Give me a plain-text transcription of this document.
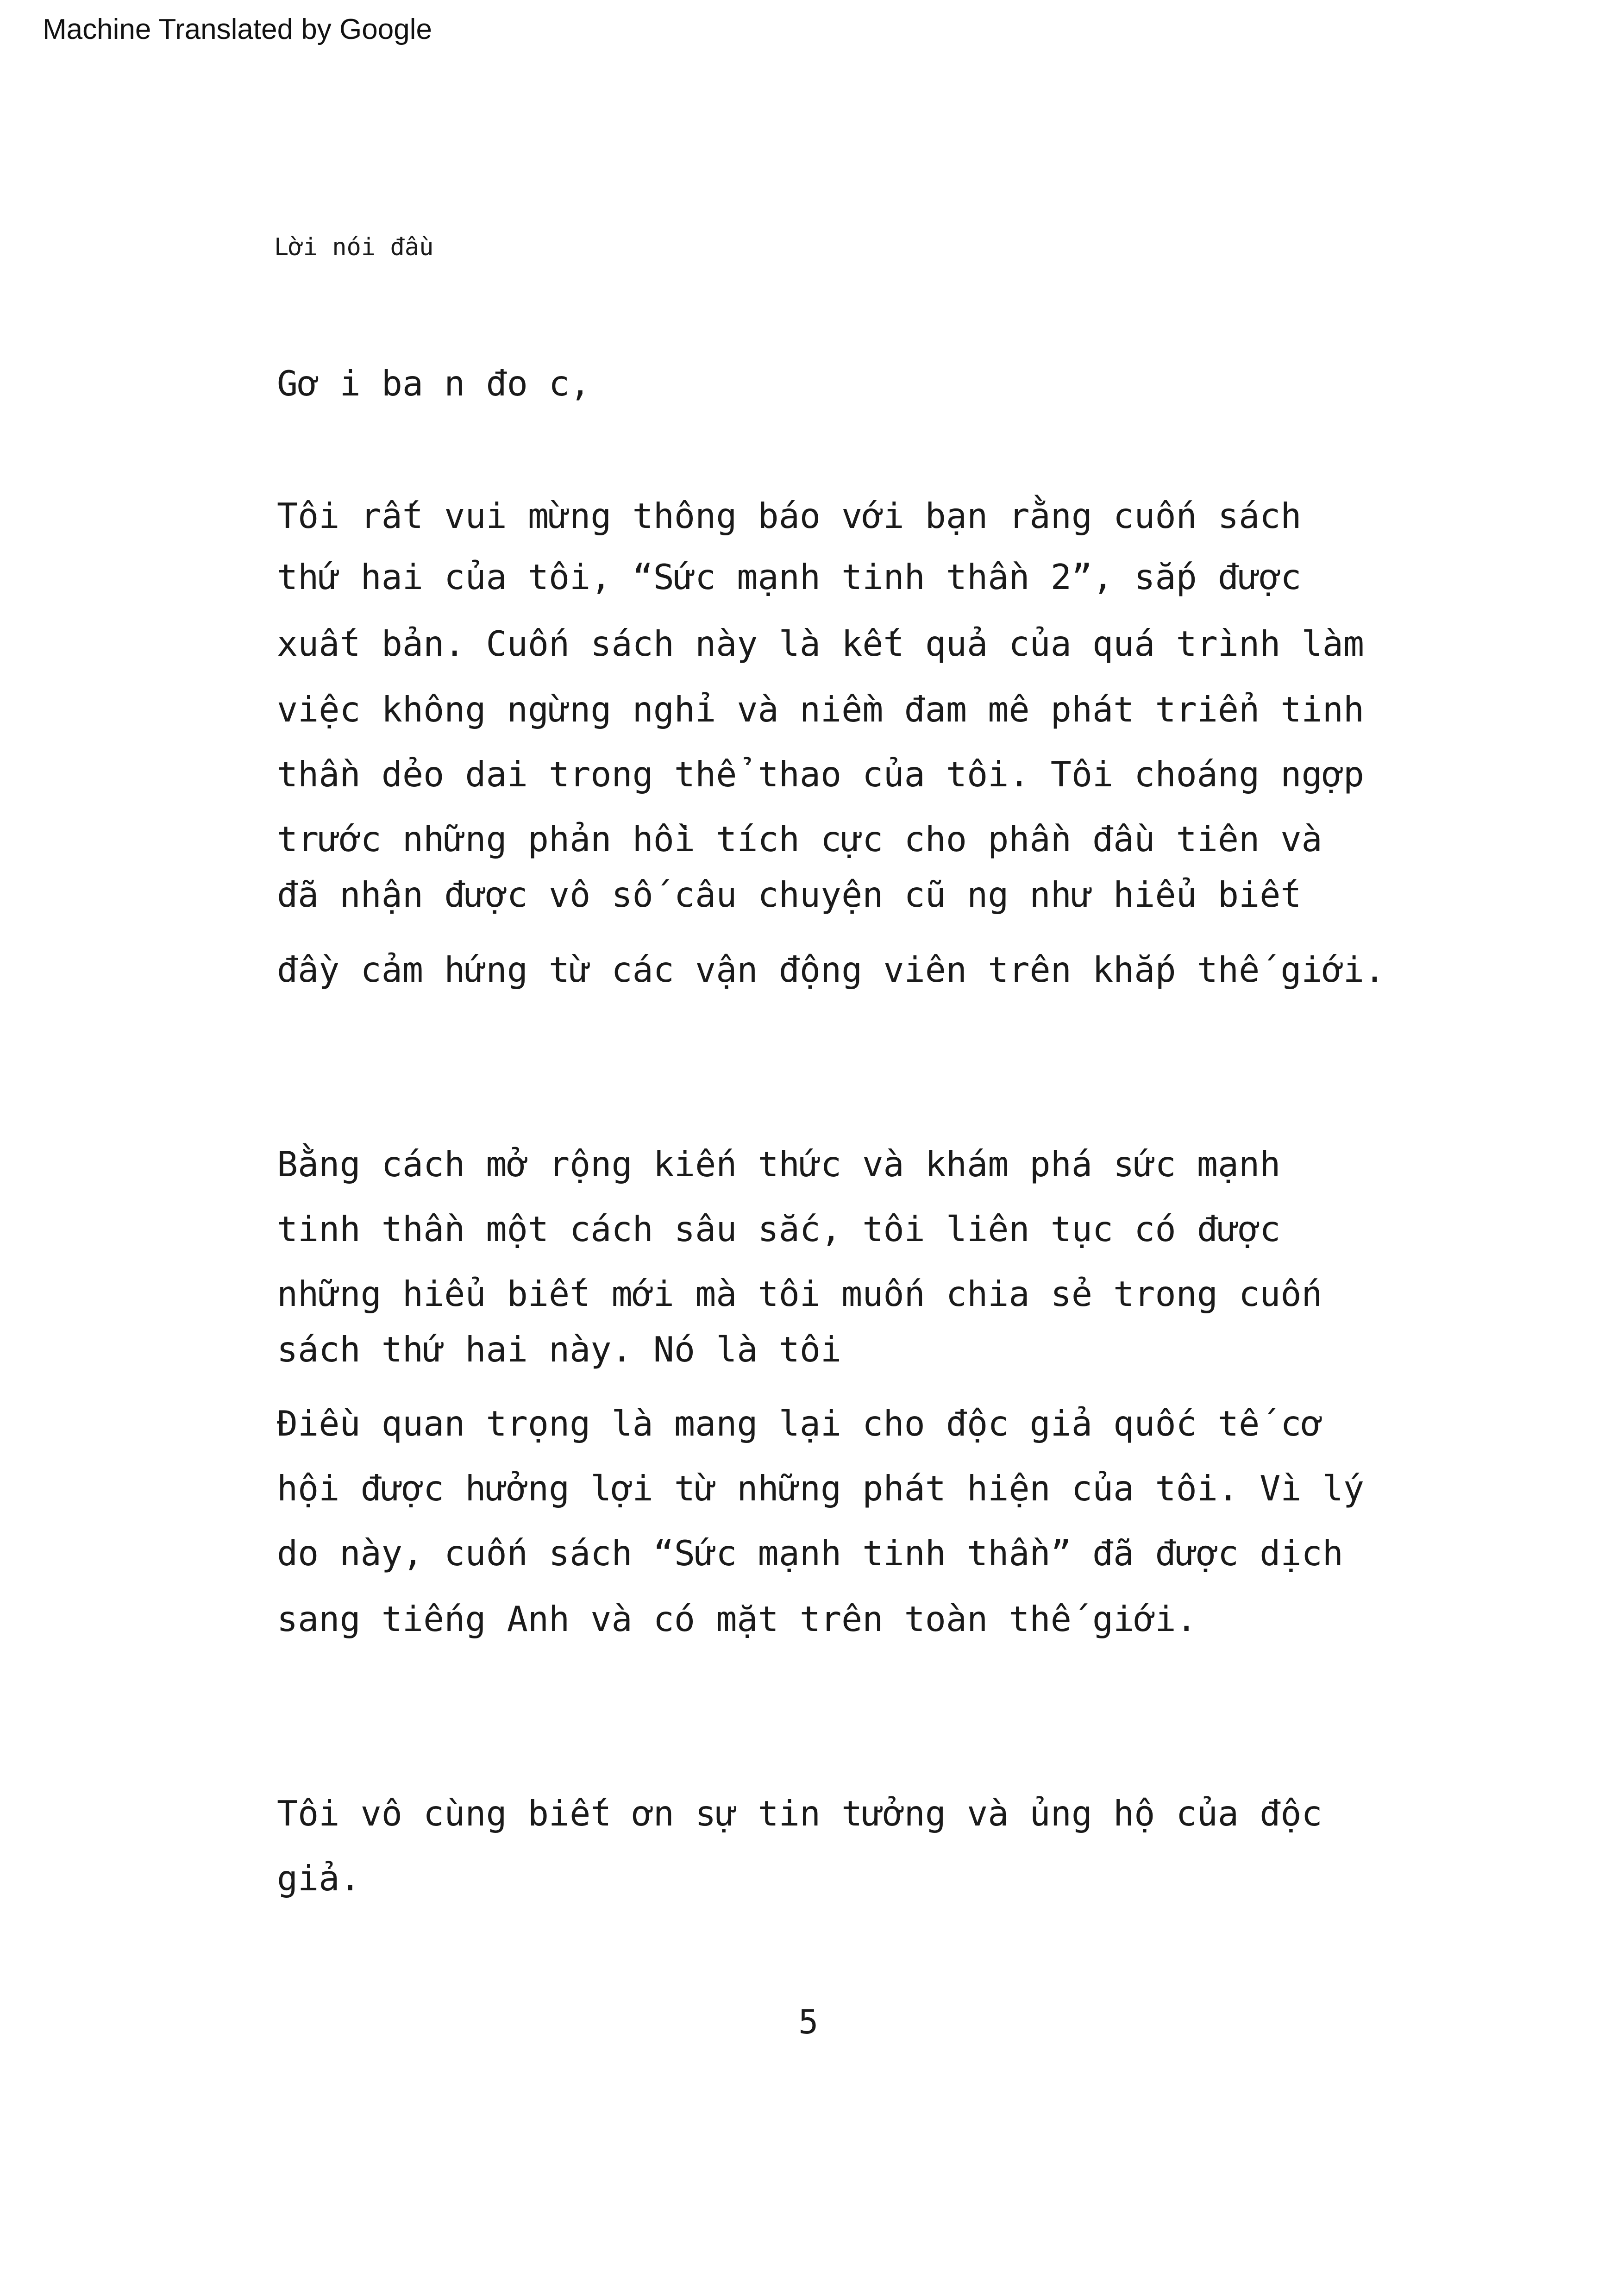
Machine Translated by Google
Lời nói đầu
Gơ i ba n đo c,
Tôi rất vui mừng thông báo với bạn rằng cuốn sách
thứ hai của tôi, “Sức mạnh tinh thần 2”, sắp được
xuất bản. Cuốn sách này là kết quả của quá trình làm
việc không ngừng nghỉ và niềm đam mê phát triển tinh
thần dẻo dai trong thể thao của tôi. Tôi choáng ngợp
trước những phản hồi tích cực cho phần đầu tiên và
đã nhận được vô số câu chuyện cũ ng như hiểu biết
đầy cảm hứng từ các vận động viên trên khắp thế giới.
Bằng cách mở rộng kiến thức và khám phá sức mạnh
tinh thần một cách sâu sắc, tôi liên tục có được
những hiểu biết mới mà tôi muốn chia sẻ trong cuốn
sách thứ hai này. Nó là tôi
Điều quan trọng là mang lại cho độc giả quốc tế cơ
hội được hưởng lợi từ những phát hiện của tôi. Vì lý
do này, cuốn sách “Sức mạnh tinh thần” đã được dịch
sang tiếng Anh và có mặt trên toàn thế giới.
Tôi vô cùng biết ơn sự tin tưởng và ủng hộ của độc
giả.
5
